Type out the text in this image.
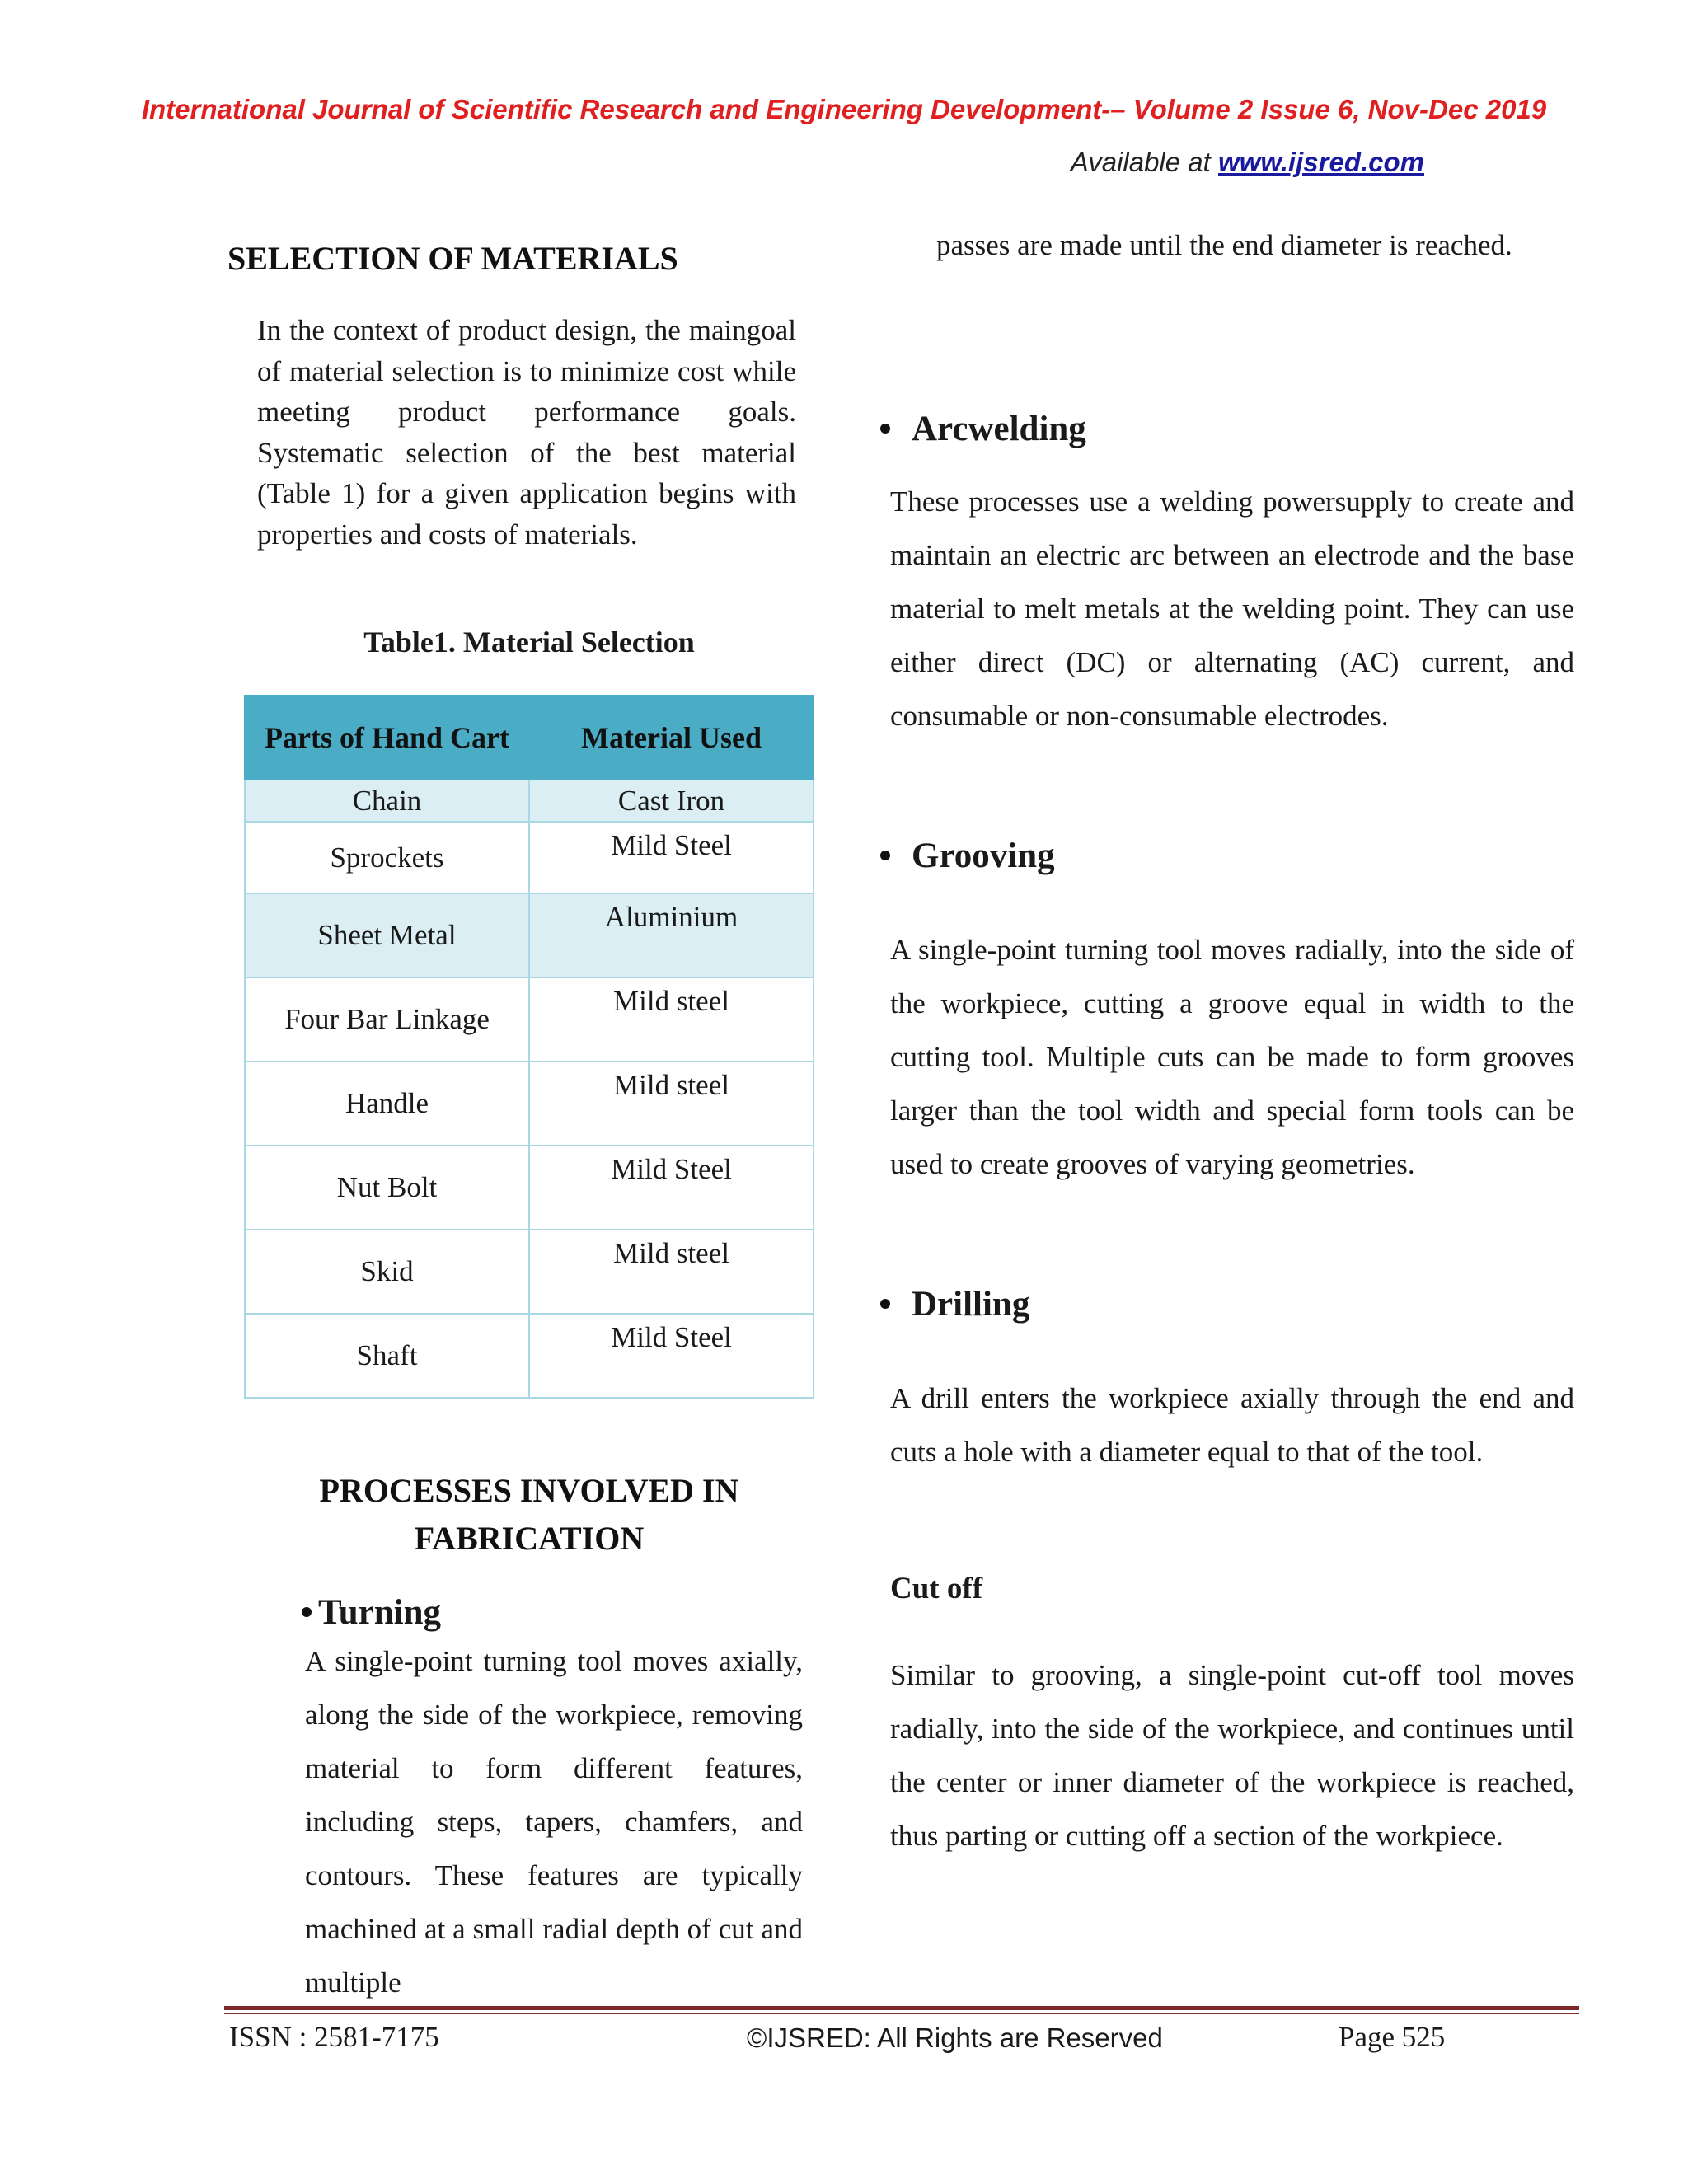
International Journal of Scientific Research and Engineering Development-– Volume 2 Issue 6, Nov-Dec 2019
Available at www.ijsred.com
SELECTION OF MATERIALS
In the context of product design, the maingoal of material selection is to minimize cost while meeting product performance goals. Systematic selection of the best material (Table 1) for a given application begins with properties and costs of materials.
Table1. Material Selection
Parts of Hand Cart	Material Used
Chain	Cast Iron
Sprockets	Mild Steel
Sheet Metal	Aluminium
Four Bar Linkage	Mild steel
Handle	Mild steel
Nut Bolt	Mild Steel
Skid	Mild steel
Shaft	Mild Steel
PROCESSES INVOLVED IN
FABRICATION
Turning
A single-point turning tool moves axially, along the side of the workpiece, removing material to form different features, including steps, tapers, chamfers, and contours. These features are typically machined at a small radial depth of cut and multiple
passes are made until the end diameter is reached.
Arcwelding
These processes use a welding powersupply to create and maintain an electric arc between an electrode and the base material to melt metals at the welding point. They can use either direct (DC) or alternating (AC) current, and consumable or non-consumable electrodes.
Grooving
A single-point turning tool moves radially, into the side of the workpiece, cutting a groove equal in width to the cutting tool. Multiple cuts can be made to form grooves larger than the tool width and special form tools can be used to create grooves of varying geometries.
Drilling
A drill enters the workpiece axially through the end and cuts a hole with a diameter equal to that of the tool.
Cut off
Similar to grooving, a single-point cut-off tool moves radially, into the side of the workpiece, and continues until the center or inner diameter of the workpiece is reached, thus parting or cutting off a section of the workpiece.
ISSN : 2581-7175	©IJSRED: All Rights are Reserved	Page 525
